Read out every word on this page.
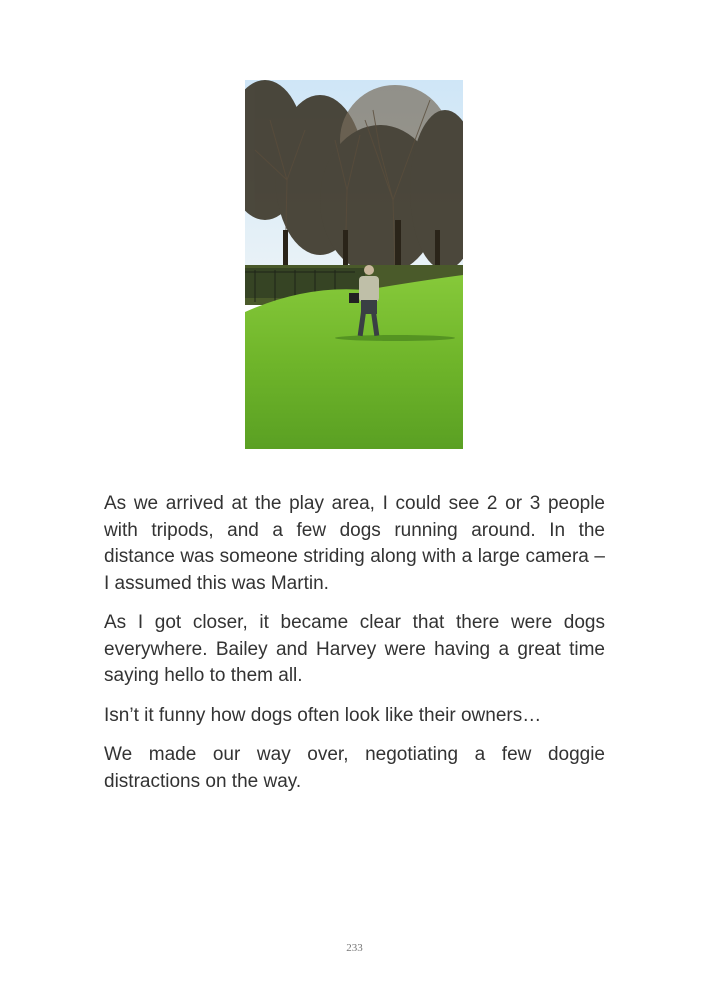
As we arrived at the play area, I could see 2 or 3 people with tripods, and a few dogs running around. In the distance was someone striding along with a large camera – I assumed this was Martin.

As I got closer, it became clear that there were dogs everywhere. Bailey and Harvey were having a great time saying hello to them all.

Isn’t it funny how dogs often look like their owners…

We made our way over, negotiating a few doggie distractions on the way.

233
